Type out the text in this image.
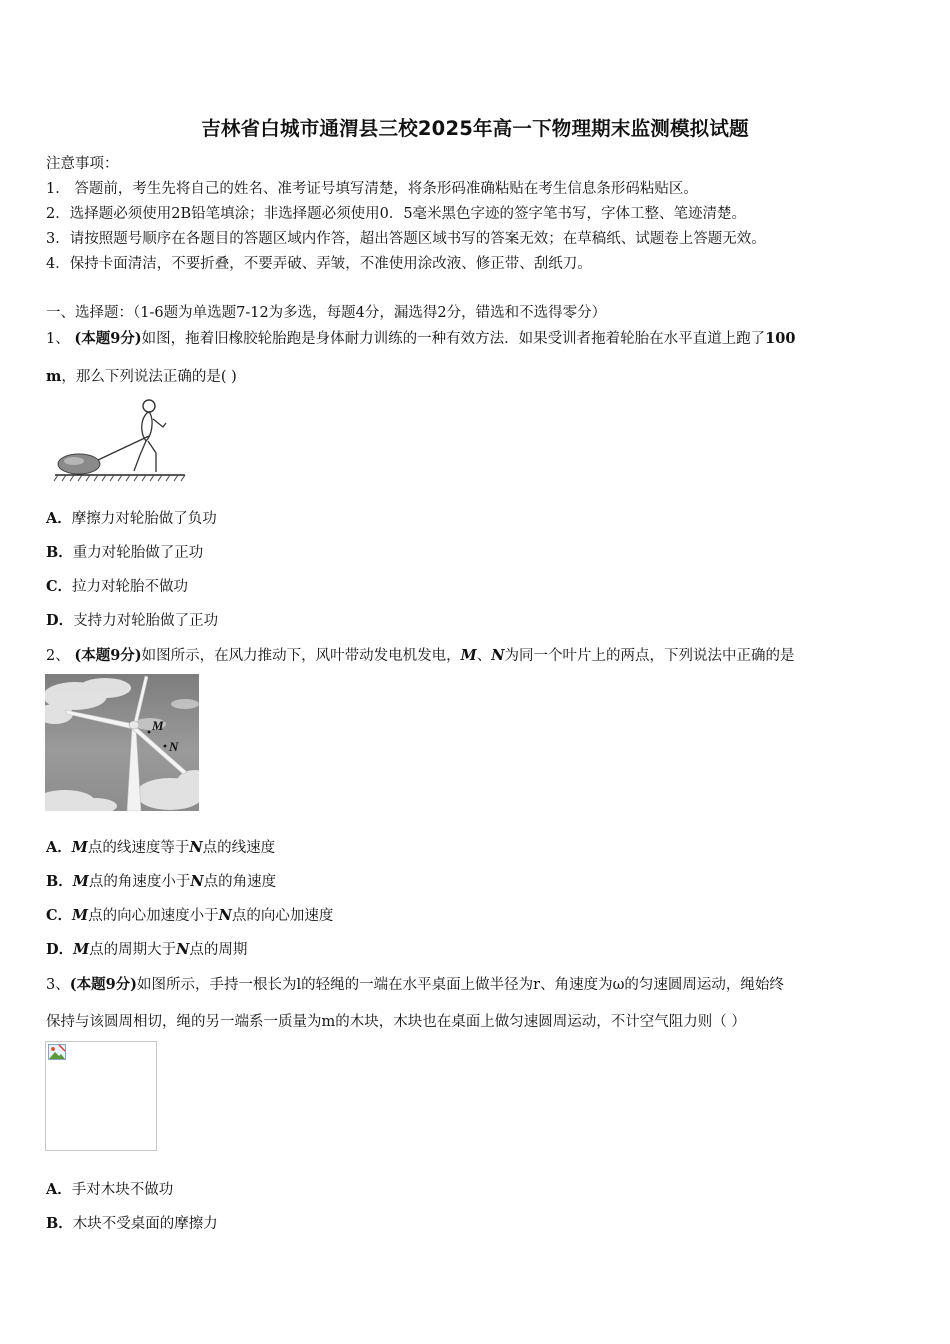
吉林省白城市通渭县三校2025年高一下物理期末监测模拟试题
注意事项：
1． 答题前，考生先将自己的姓名、准考证号填写清楚，将条形码准确粘贴在考生信息条形码粘贴区。
2．选择题必须使用2B铅笔填涂；非选择题必须使用0．5毫米黑色字迹的签字笔书写，字体工整、笔迹清楚。
3．请按照题号顺序在各题目的答题区域内作答，超出答题区域书写的答案无效；在草稿纸、试题卷上答题无效。
4．保持卡面清洁，不要折叠，不要弄破、弄皱，不准使用涂改液、修正带、刮纸刀。
一、选择题：（1-6题为单选题7-12为多选，每题4分，漏选得2分，错选和不选得零分）
1、 (本题9分)如图，拖着旧橡胶轮胎跑是身体耐力训练的一种有效方法．如果受训者拖着轮胎在水平直道上跑了100
m，那么下列说法正确的是( )
A．摩擦力对轮胎做了负功
B．重力对轮胎做了正功
C．拉力对轮胎不做功
D．支持力对轮胎做了正功
2、 (本题9分)如图所示，在风力推动下，风叶带动发电机发电，M、N为同一个叶片上的两点，下列说法中正确的是
M
N
A．M点的线速度等于N点的线速度
B．M点的角速度小于N点的角速度
C．M点的向心加速度小于N点的向心加速度
D．M点的周期大于N点的周期
3、(本题9分)如图所示，手持一根长为l的轻绳的一端在水平桌面上做半径为r、角速度为ω的匀速圆周运动，绳始终
保持与该圆周相切，绳的另一端系一质量为m的木块，木块也在桌面上做匀速圆周运动，不计空气阻力则（ ）
A．手对木块不做功
B．木块不受桌面的摩擦力
